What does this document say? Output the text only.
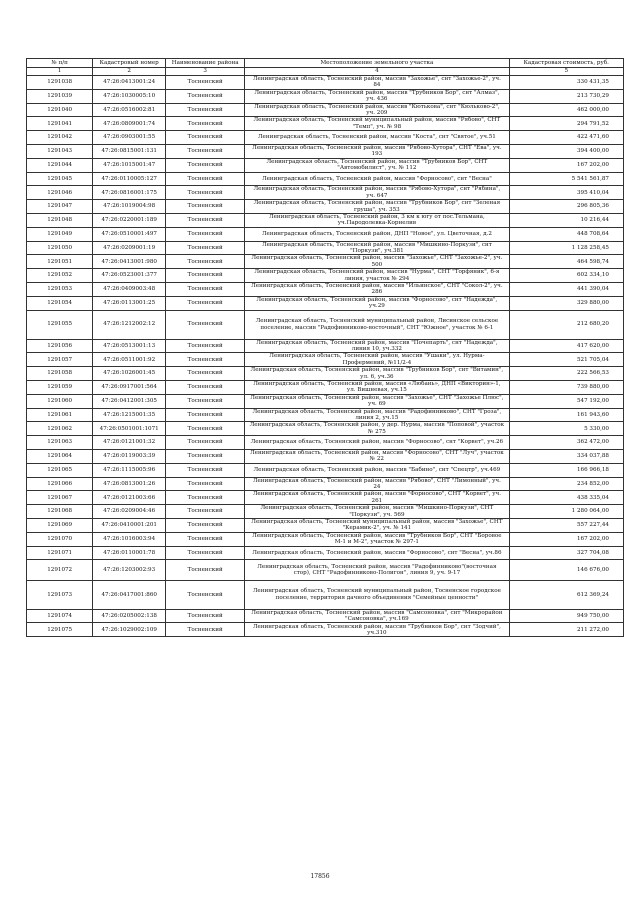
№ п/п	Кадастровый номер	Наименование района	Местоположение земельного участка	Кадастровая стоимость, руб.
1	2	3	4	5
1291038	47:26:0413001:24	Тосненский	Ленинградская область, Тосненский район, массив "Захожье", снт "Захожье-2", уч. 84	330 431,35
1291039	47:26:1030005:10	Тосненский	Ленинградская область, Тосненский район, массив "Трубников Бор", снт "Алмаз", уч. 436	213 730,29
1291040	47:26:0516002:81	Тосненский	Ленинградская область, Тосненский район, массив "Кютькова", снт "Кюльково-2", уч. 209	462 000,00
1291041	47:26:0809001:74	Тосненский	Ленинградская область, Тосненский муниципальный район, массив "Рябово", СНТ "Темп", уч. № 98	294 791,52
1291042	47:26:0903001:55	Тосненский	Ленинградская область, Тосненский район, массив "Коста", снт "Святое", уч.51	422 471,60
1291043	47:26:0815001:131	Тосненский	Ленинградская область, Тосненский район, массив "Рябово-Хутора", СНТ "Ева", уч. 193	394 400,00
1291044	47:26:1015001:47	Тосненский	Ленинградская область, Тосненский район, массив "Трубников Бор", СНТ "Автомобилист", уч. № 112	167 202,00
1291045	47:26:0110005:127	Тосненский	Ленинградская область, Тосненский район, массив "Форносово", снт "Весна"	5 541 561,87
1291046	47:26:0816001:175	Тосненский	Ленинградская область, Тосненский район, массив "Рябово-Хутора", снт "Рябина", уч. 647	395 410,04
1291047	47:26:1019004:98	Тосненский	Ленинградская область, Тосненский район, массив "Трубников Бор", снт "Зеленая груша", уч. 353	296 805,36
1291048	47:26:0220001:189	Тосненский	Ленинградская область, Тосненский район, 3 км к югу от пос.Тельмана, уч.Пародолевка-Корнелив	10 216,44
1291049	47:26:0510001:497	Тосненский	Ленинградская область, Тосненский район, ДНП "Новое", ул. Цветочная, д.2	448 708,64
1291050	47:26:0209001:19	Тосненский	Ленинградская область, Тосненский район, массив "Мишкино-Поркузи", снт "Поркузи", уч.381	1 128 258,45
1291051	47:26:0413001:980	Тосненский	Ленинградская область, Тосненский район, массив "Захожье", СНТ "Захожье-2", уч. 500	464 598,74
1291052	47:26:0523001:377	Тосненский	Ленинградская область, Тосненский район, массив "Нурма", СНТ "Торфяник", 6-я линия, участок № 294	602 334,10
1291053	47:26:0409003:48	Тосненский	Ленинградская область, Тосненский район, массив "Ильинское", СНТ "Сокол-2", уч. 286	441 390,04
1291054	47:26:0113001:25	Тосненский	Ленинградская область, Тосненский район, массив "Форносово", снт "Надежда", уч.29	329 880,00
1291055	47:26:1212002:12	Тосненский	Ленинградская область, Тосненский муниципальный район, Лисинское сельское поселение, массив "Радофинниково-восточный", СНТ "Южное", участок № 6-1	212 680,20
1291056	47:26:0513001:13	Тосненский	Ленинградская область, Тосненский район, массив "Почепарть", снт "Надежда", линия 10, уч.332	417 620,00
1291057	47:26:0511001:92	Тосненский	Ленинградская область, Тосненский район, массив "Ушаки", ул. Нурма-Профермений, №11/2-4	521 705,04
1291058	47:26:1026001:45	Тосненский	Ленинградская область, Тосненский район, массив "Трубников Бор", снт "Витамин", ул. 6, уч.36	222 566,53
1291059	47:26:0917001:564	Тосненский	Ленинградская область, Тосненский район, массив «Любань», ДНП «Викторин»-1, ул. Вишневая, уч.15	739 880,00
1291060	47:26:0412001:305	Тосненский	Ленинградская область, Тосненский район, массив "Захожье", СНТ "Захожье Плюс", уч. 69	547 192,00
1291061	47:26:1215001:35	Тосненский	Ленинградская область, Тосненский район, массив "Радофинниково", СНТ "Гроза", линия 2, уч.15	161 943,60
1291062	47:26:0501001:1071	Тосненский	Ленинградская область, Тосненский район, у дер. Нурма, массив "Поповой", участок № 275	5 330,00
1291063	47:26:0121001:32	Тосненский	Ленинградская область, Тосненский район, массив "Форносово", снт "Корвет", уч.26	362 472,00
1291064	47:26:0119003:39	Тосненский	Ленинградская область, Тосненский район, массив "Форносово", СНТ "Луч", участок № 22	334 037,88
1291065	47:26:1115005:96	Тосненский	Ленинградская область, Тосненский район, массив "Бабино", снт "Спецтр", уч.469	166 966,18
1291066	47:26:0813001:26	Тосненский	Ленинградская область, Тосненский район, массив "Рябово", СНТ "Лимонный", уч. 24	234 852,00
1291067	47:26:0121003:66	Тосненский	Ленинградская область, Тосненский район, массив "Форносово", СНТ "Корвет", уч. 261	438 335,04
1291068	47:26:0209004:46	Тосненский	Ленинградская область, Тосненский район, массив "Мишкино-Поркузи", СНТ "Поркузи", уч. 569	1 280 064,00
1291069	47:26:0410001:201	Тосненский	Ленинградская область, Тосненский муниципальный район, массив "Захожье", СНТ "Керамик-2", уч. № 141	557 227,44
1291070	47:26:1016003:94	Тосненский	Ленинградская область, Тосненский район, массив "Трубников Бор", СНТ "Боровое М-1 и М-2", участок № 297-1	167 202,00
1291071	47:26:0110001:78	Тосненский	Ленинградская область, Тосненский район, массив "Форносово", снт "Весна", уч.86	327 704,08
1291072	47:26:1203002:93	Тосненский	Ленинградская область, Тосненский район, массив "Радофинниково"(восточная стор), СНТ "Радофинниково-Полигон", линия 9, уч. 9-17	146 676,00
1291073	47:26:0417001:860	Тосненский	Ленинградская область, Тосненский муниципальный район, Тосненское городское поселение, территория дачного объединения "Семейные ценности"	612 369,24
1291074	47:26:0205002:138	Тосненский	Ленинградская область, Тосненский район, массив "Самсоновка", снт "Микрорайон "Самсоновка", уч.169	949 750,00
1291075	47:26:1029002:109	Тосненский	Ленинградская область, Тосненский район, массив "Трубников Бор", снт "Зодчий", уч.310	211 272,00
17856
